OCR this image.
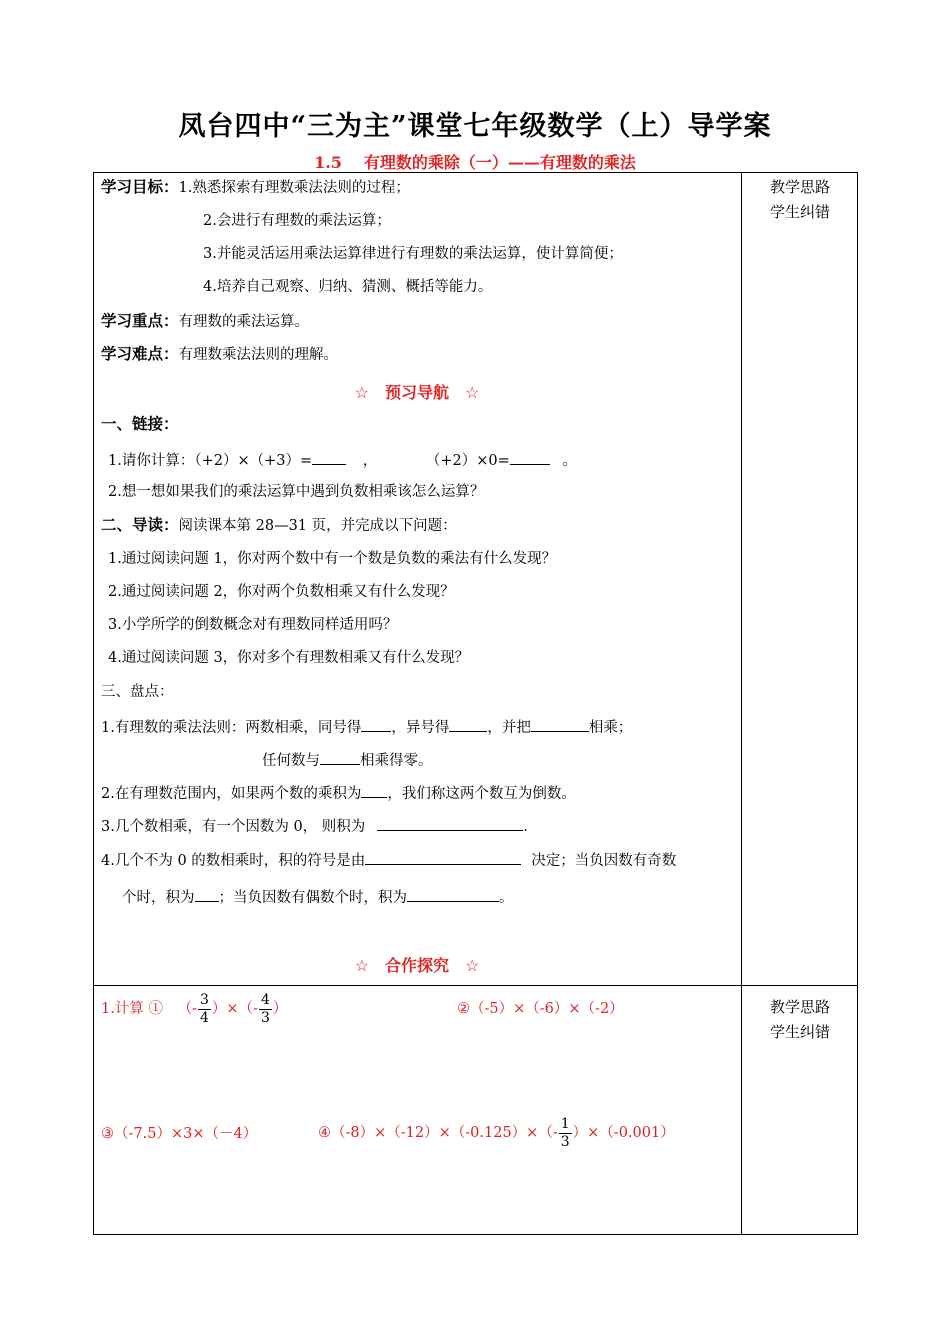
凤台四中“三为主”课堂七年级数学（上）导学案
1.5 有理数的乘除（一）——有理数的乘法
教学思路
学生纠错
教学思路
学生纠错
学习目标：1.熟悉探索有理数乘法法则的过程；
2.会进行有理数的乘法运算；
3.并能灵活运用乘法运算律进行有理数的乘法运算，使计算简便；
4.培养自己观察、归纳、猜测、概括等能力。
学习重点：有理数的乘法运算。
学习难点：有理数乘法法则的理解。
☆ 预习导航 ☆
一、链接：
1.请你计算：（+2）×（+3）=	，	（+2）×0=	。
2.想一想如果我们的乘法运算中遇到负数相乘该怎么运算？
二、导读：阅读课本第 28—31 页，并完成以下问题：
1.通过阅读问题 1，你对两个数中有一个数是负数的乘法有什么发现？
2.通过阅读问题 2，你对两个负数相乘又有什么发现？
3.小学所学的倒数概念对有理数同样适用吗？
4.通过阅读问题 3，你对多个有理数相乘又有什么发现？
三、盘点：
1.有理数的乘法法则：两数相乘，同号得 ，异号得	，并把	相乘；
任何数与	相乘得零。
2.在有理数范围内，如果两个数的乘积为 ，我们称这两个数互为倒数。
3.几个数相乘，有一个因数为 0， 则积为	.
4.几个不为 0 的数相乘时，积的符号是由	决定；当负因数有奇数
个时，积为 ；当负因数有偶数个时，积为	。
☆ 合作探究 ☆
1.计算 ① （- $\frac{3}{4}$ ）×（- $\frac{4}{3}$ ）	②（-5）×（-6）×（-2）
③（-7.5）×3×（－4）	④（-8）×（-12）×（-0.125）×（- $\frac{1}{3} )\times(-0.001)$
